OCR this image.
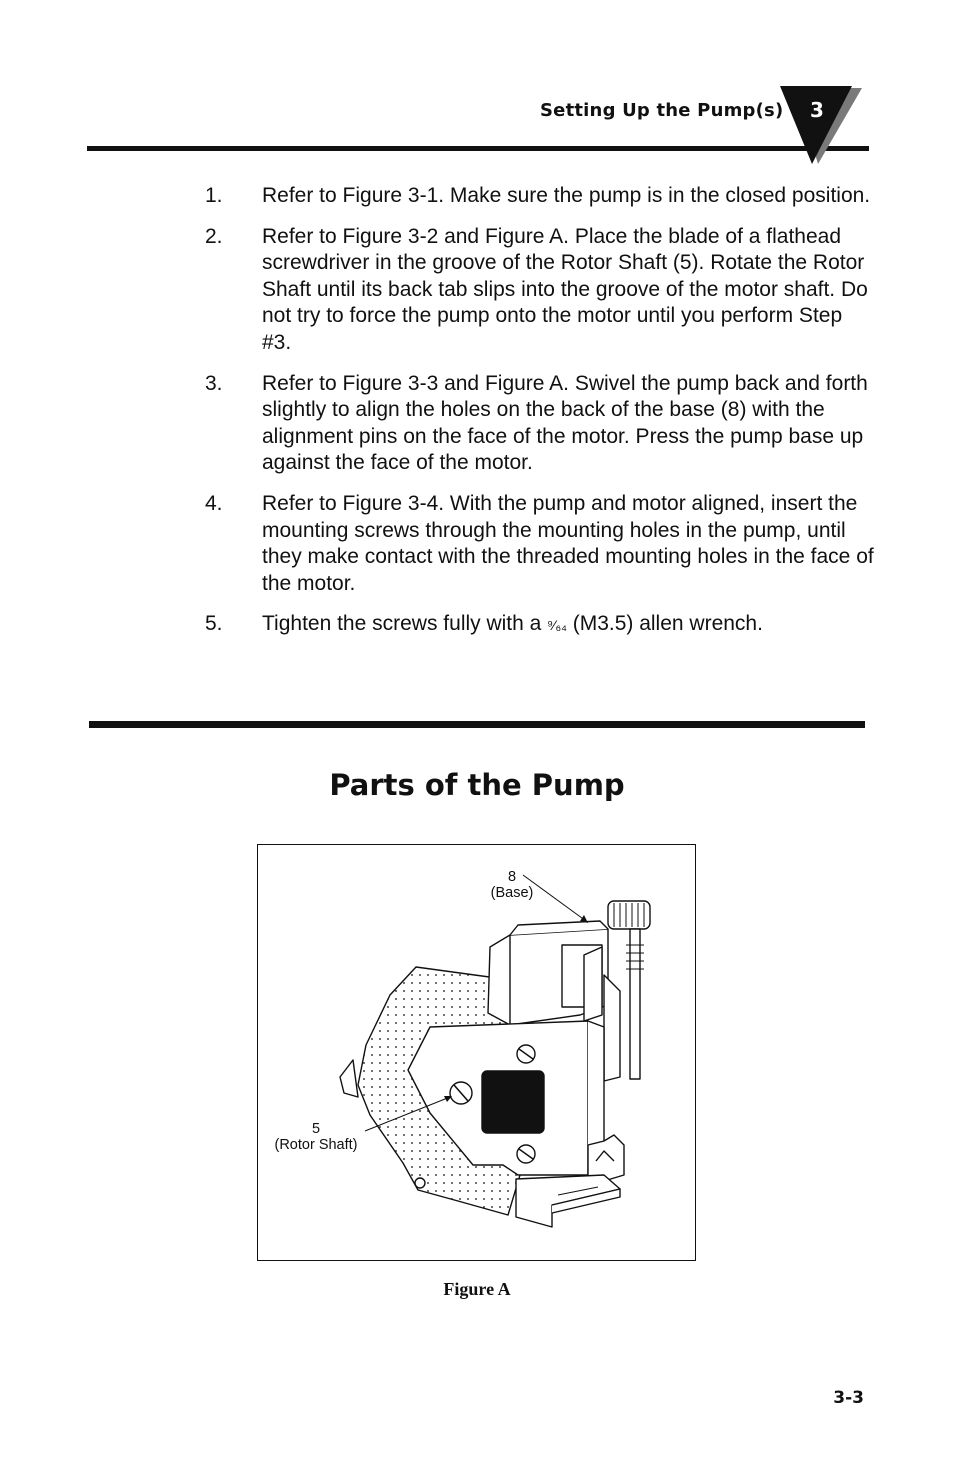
Setting Up the Pump(s) 3
1.	Refer to Figure 3-1. Make sure the pump is in the closed position.
2.	Refer to Figure 3-2 and Figure A. Place the blade of a flathead screwdriver in the groove of the Rotor Shaft (5). Rotate the Rotor Shaft until its back tab slips into the groove of the motor shaft. Do not try to force the pump onto the motor until you perform Step #3.
3.	Refer to Figure 3-3 and Figure A. Swivel the pump back and forth slightly to align the holes on the back of the base (8) with the alignment pins on the face of the motor. Press the pump base up against the face of the motor.
4.	Refer to Figure 3-4. With the pump and motor aligned, insert the mounting screws through the mounting holes in the pump, until they make contact with the threaded mounting holes in the face of the motor.
5.	Tighten the screws fully with a ⁹⁄₆₄ (M3.5) allen wrench.
Parts of the Pump
8
(Base)
5
(Rotor Shaft)
Figure A
3-3
